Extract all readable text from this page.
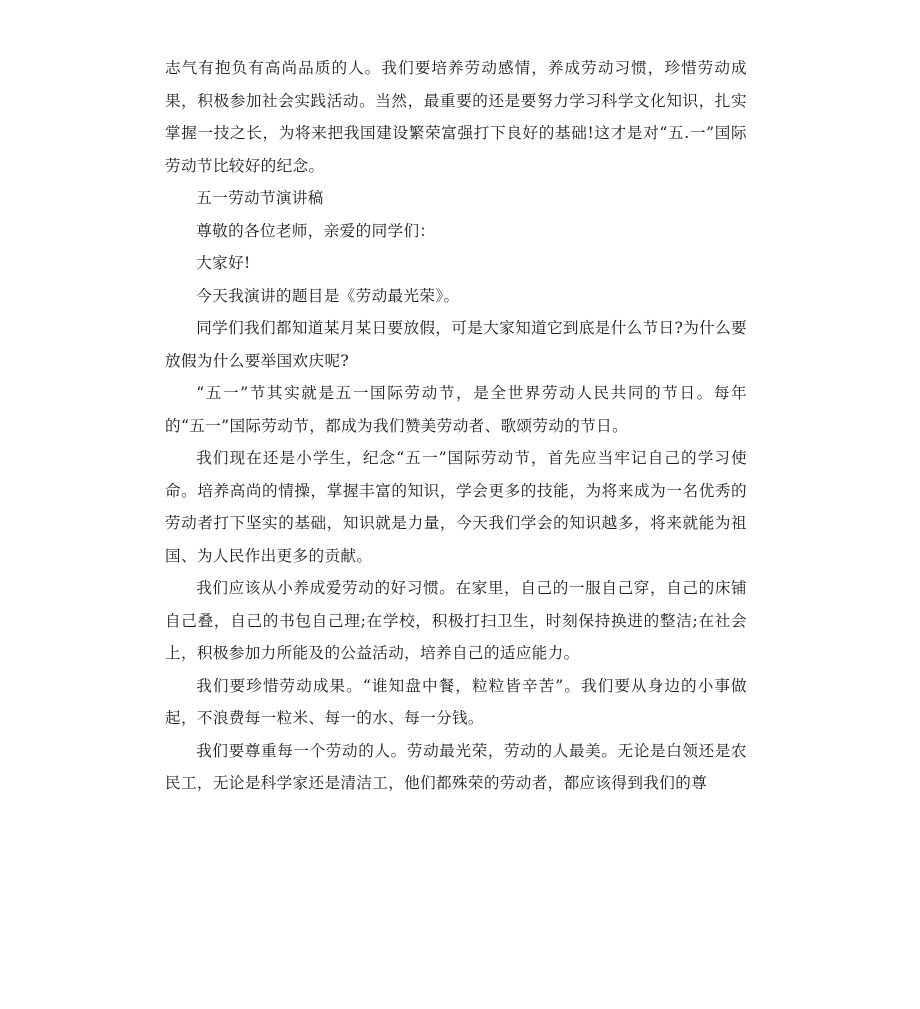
志气有抱负有高尚品质的人。我们要培养劳动感情，养成劳动习惯，珍惜劳动成果，积极参加社会实践活动。当然，最重要的还是要努力学习科学文化知识，扎实掌握一技之长，为将来把我国建设繁荣富强打下良好的基础!这才是对“五.一”国际劳动节比较好的纪念。

五一劳动节演讲稿

尊敬的各位老师，亲爱的同学们：

大家好!

今天我演讲的题目是《劳动最光荣》。

同学们我们都知道某月某日要放假，可是大家知道它到底是什么节日?为什么要放假为什么要举国欢庆呢?

“五一”节其实就是五一国际劳动节，是全世界劳动人民共同的节日。每年的“五一”国际劳动节，都成为我们赞美劳动者、歌颂劳动的节日。

我们现在还是小学生，纪念“五一”国际劳动节，首先应当牢记自己的学习使命。培养高尚的情操，掌握丰富的知识，学会更多的技能，为将来成为一名优秀的劳动者打下坚实的基础，知识就是力量，今天我们学会的知识越多，将来就能为祖国、为人民作出更多的贡献。

我们应该从小养成爱劳动的好习惯。在家里，自己的一服自己穿，自己的床铺自己叠，自己的书包自己理;在学校，积极打扫卫生，时刻保持换进的整洁;在社会上，积极参加力所能及的公益活动，培养自己的适应能力。

我们要珍惜劳动成果。“谁知盘中餐，粒粒皆辛苦”。我们要从身边的小事做起，不浪费每一粒米、每一的水、每一分钱。

我们要尊重每一个劳动的人。劳动最光荣，劳动的人最美。无论是白领还是农民工，无论是科学家还是清洁工，他们都殊荣的劳动者，都应该得到我们的尊
